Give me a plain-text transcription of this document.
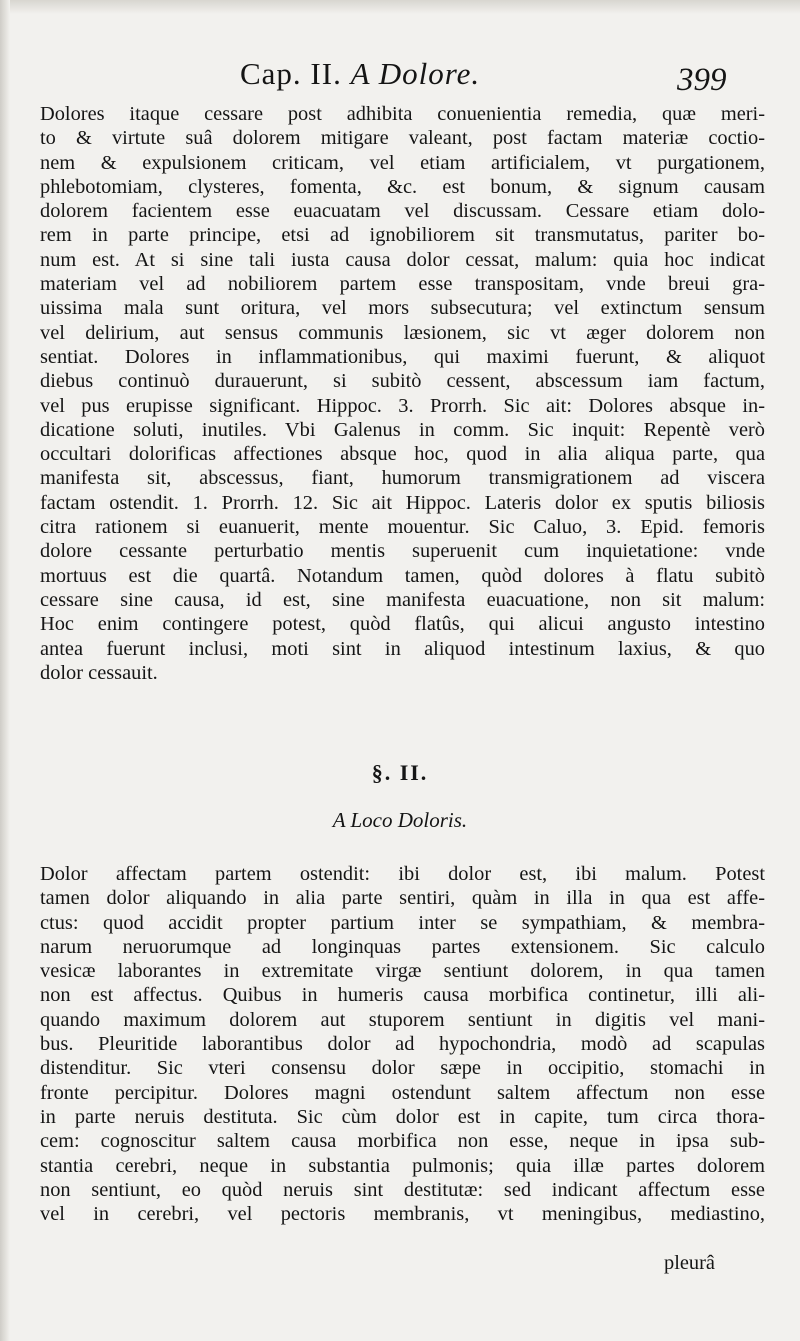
Cap. II. A Dolore.	399
Dolores itaque cessare post adhibita conuenientia remedia, quæ meri-
to & virtute suâ dolorem mitigare valeant, post factam materiæ coctio-
nem & expulsionem criticam, vel etiam artificialem, vt purgationem,
phlebotomiam, clysteres, fomenta, &c. est bonum, & signum causam
dolorem facientem esse euacuatam vel discussam. Cessare etiam dolo-
rem in parte principe, etsi ad ignobiliorem sit transmutatus, pariter bo-
num est. At si sine tali iusta causa dolor cessat, malum: quia hoc indicat
materiam vel ad nobiliorem partem esse transpositam, vnde breui gra-
uissima mala sunt oritura, vel mors subsecutura; vel extinctum sensum
vel delirium, aut sensus communis læsionem, sic vt æger dolorem non
sentiat. Dolores in inflammationibus, qui maximi fuerunt, & aliquot
diebus continuò durauerunt, si subitò cessent, abscessum iam factum,
vel pus erupisse significant. Hippoc. 3. Prorrh. Sic ait: Dolores absque in-
dicatione soluti, inutiles. Vbi Galenus in comm. Sic inquit: Repentè verò
occultari dolorificas affectiones absque hoc, quod in alia aliqua parte, qua
manifesta sit, abscessus, fiant, humorum transmigrationem ad viscera
factam ostendit. 1. Prorrh. 12. Sic ait Hippoc. Lateris dolor ex sputis biliosis
citra rationem si euanuerit, mente mouentur. Sic Caluo, 3. Epid. femoris
dolore cessante perturbatio mentis superuenit cum inquietatione: vnde
mortuus est die quartâ. Notandum tamen, quòd dolores à flatu subitò
cessare sine causa, id est, sine manifesta euacuatione, non sit malum:
Hoc enim contingere potest, quòd flatûs, qui alicui angusto intestino
antea fuerunt inclusi, moti sint in aliquod intestinum laxius, & quo
dolor cessauit.
§. II.
A Loco Doloris.
Dolor affectam partem ostendit: ibi dolor est, ibi malum. Potest
tamen dolor aliquando in alia parte sentiri, quàm in illa in qua est affe-
ctus: quod accidit propter partium inter se sympathiam, & membra-
narum neruorumque ad longinquas partes extensionem. Sic calculo
vesicæ laborantes in extremitate virgæ sentiunt dolorem, in qua tamen
non est affectus. Quibus in humeris causa morbifica continetur, illi ali-
quando maximum dolorem aut stuporem sentiunt in digitis vel mani-
bus. Pleuritide laborantibus dolor ad hypochondria, modò ad scapulas
distenditur. Sic vteri consensu dolor sæpe in occipitio, stomachi in
fronte percipitur. Dolores magni ostendunt saltem affectum non esse
in parte neruis destituta. Sic cùm dolor est in capite, tum circa thora-
cem: cognoscitur saltem causa morbifica non esse, neque in ipsa sub-
stantia cerebri, neque in substantia pulmonis; quia illæ partes dolorem
non sentiunt, eo quòd neruis sint destitutæ: sed indicant affectum esse
vel in cerebri, vel pectoris membranis, vt meningibus, mediastino,
pleurâ
